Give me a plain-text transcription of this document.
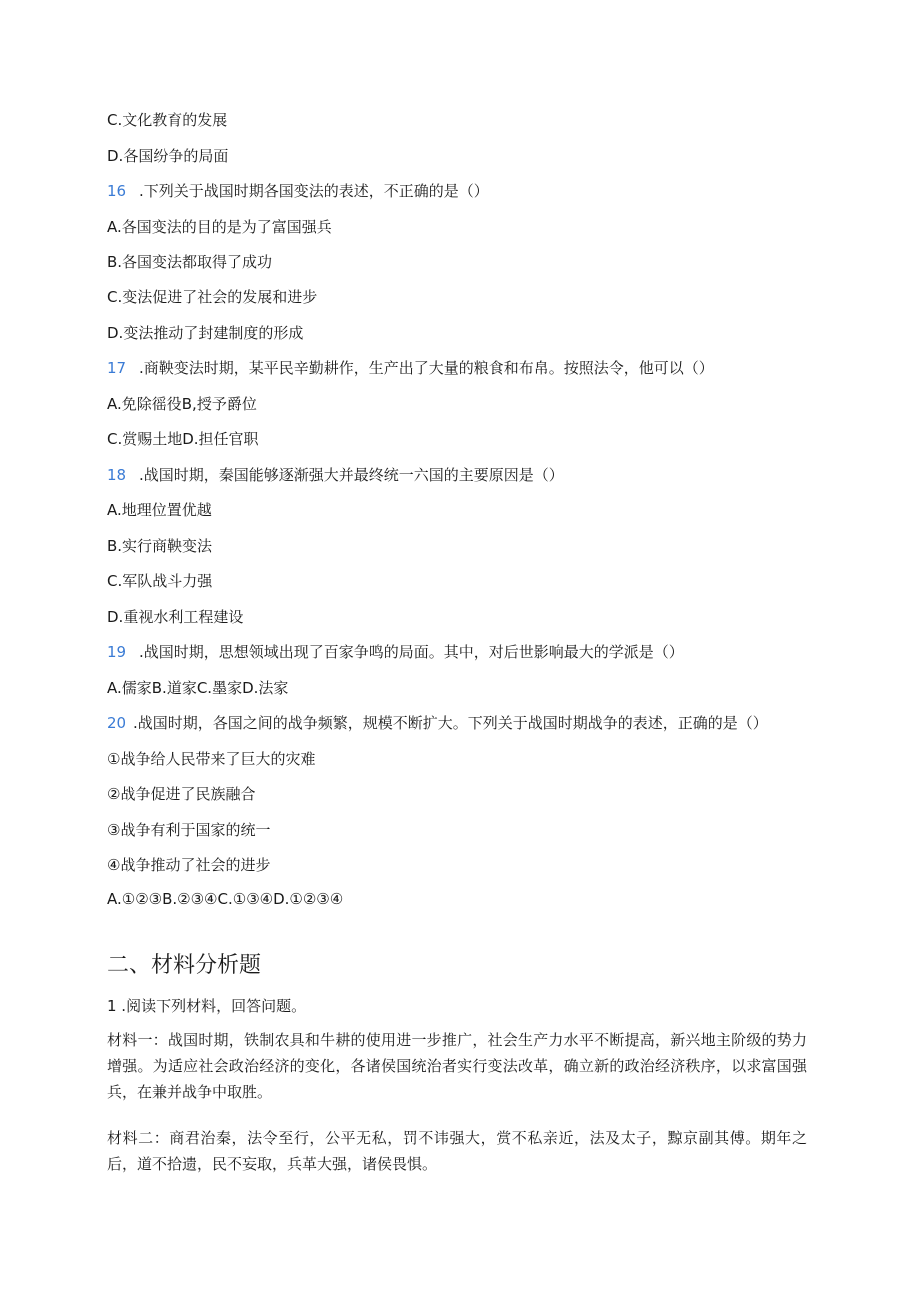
C.文化教育的发展
D.各国纷争的局面
16 .下列关于战国时期各国变法的表述，不正确的是（）
A.各国变法的目的是为了富国强兵
B.各国变法都取得了成功
C.变法促进了社会的发展和进步
D.变法推动了封建制度的形成
17 .商鞅变法时期，某平民辛勤耕作，生产出了大量的粮食和布帛。按照法令，他可以（）
A.免除徭役B,授予爵位
C.赏赐土地D.担任官职
18 .战国时期，秦国能够逐渐强大并最终统一六国的主要原因是（）
A.地理位置优越
B.实行商鞅变法
C.军队战斗力强
D.重视水利工程建设
19 .战国时期，思想领域出现了百家争鸣的局面。其中，对后世影响最大的学派是（）
A.儒家B.道家C.墨家D.法家
20 .战国时期，各国之间的战争频繁，规模不断扩大。下列关于战国时期战争的表述，正确的是（）
①战争给人民带来了巨大的灾难
②战争促进了民族融合
③战争有利于国家的统一
④战争推动了社会的进步
A.①②③B.②③④C.①③④D.①②③④
二、材料分析题
1 .阅读下列材料，回答问题。
材料一：战国时期，铁制农具和牛耕的使用进一步推广，社会生产力水平不断提高，新兴地主阶级的势力增强。为适应社会政治经济的变化，各诸侯国统治者实行变法改革，确立新的政治经济秩序，以求富国强兵，在兼并战争中取胜。
材料二：商君治秦，法令至行，公平无私，罚不讳强大，赏不私亲近，法及太子，黥京副其傅。期年之后，道不拾遗，民不妄取，兵革大强，诸侯畏惧。
